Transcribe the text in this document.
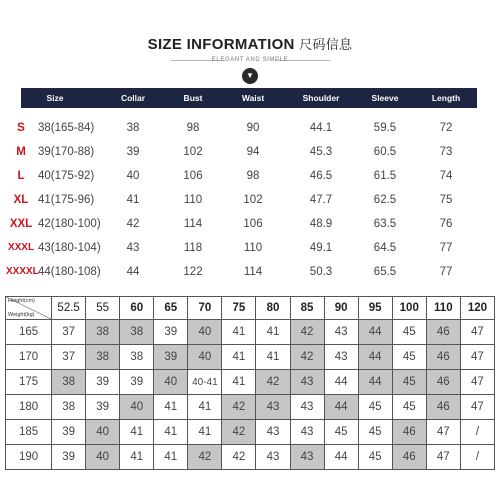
SIZE INFORMATION 尺码信息
ELEGANT AND SIMPLE
▼
Size	Collar	Bust	Waist	Shoulder	Sleeve	Length
S	38(165-84)	38	98	90	44.1	59.5	72
M	39(170-88)	39	102	94	45.3	60.5	73
L	40(175-92)	40	106	98	46.5	61.5	74
XL 41(175-96)	41	110	102	47.7	62.5	75
XXL 42(180-100) 42	114	106	48.9	63.5	76
XXXL 43(180-104) 43	118	110	49.1	64.5	77
XXXXL 44(180-108) 44	122	114	50.3	65.5	77
Height(cm)
Weight(kg)	52.5	55	60	65	70	75	80	85	90	95	100	110	120
165	37	38	38	39	40	41	41	42	43	44	45	46	47
170	37	38	38	39	40	41	41	42	43	44	45	46	47
175	38	39	39	40	40-41	41	42	43	44	44	45	46	47
180	38	39	40	41	41	42	43	43	44	45	45	46	47
185	39	40	41	41	41	42	43	43	45	45	46	47	/
190	39	40	41	41	42	42	43	43	44	45	46	47	/
